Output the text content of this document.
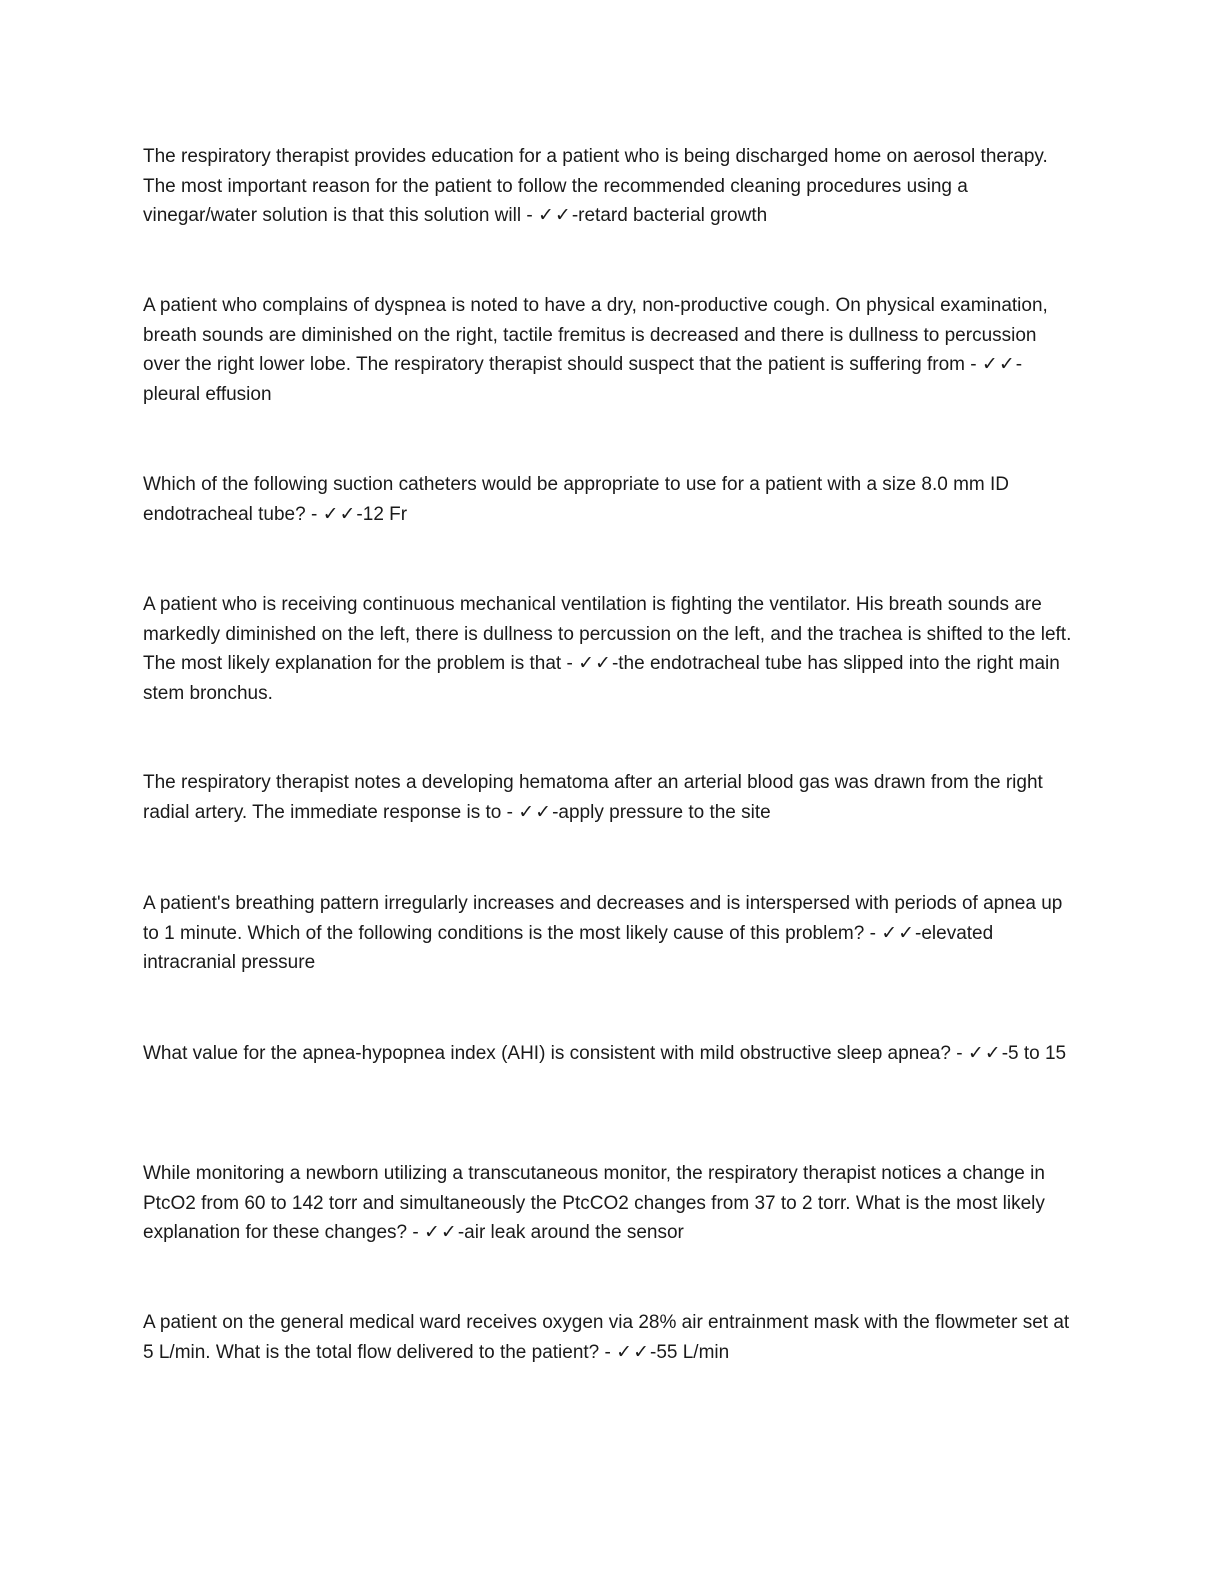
The respiratory therapist provides education for a patient who is being discharged home on aerosol therapy. The most important reason for the patient to follow the recommended cleaning procedures using a vinegar/water solution is that this solution will - ✓✓-retard bacterial growth

A patient who complains of dyspnea is noted to have a dry, non-productive cough. On physical examination, breath sounds are diminished on the right, tactile fremitus is decreased and there is dullness to percussion over the right lower lobe. The respiratory therapist should suspect that the patient is suffering from - ✓✓-pleural effusion

Which of the following suction catheters would be appropriate to use for a patient with a size 8.0 mm ID endotracheal tube? - ✓✓-12 Fr

A patient who is receiving continuous mechanical ventilation is fighting the ventilator. His breath sounds are markedly diminished on the left, there is dullness to percussion on the left, and the trachea is shifted to the left. The most likely explanation for the problem is that - ✓✓-the endotracheal tube has slipped into the right main stem bronchus.

The respiratory therapist notes a developing hematoma after an arterial blood gas was drawn from the right radial artery. The immediate response is to - ✓✓-apply pressure to the site

A patient's breathing pattern irregularly increases and decreases and is interspersed with periods of apnea up to 1 minute. Which of the following conditions is the most likely cause of this problem? - ✓✓-elevated intracranial pressure

What value for the apnea-hypopnea index (AHI) is consistent with mild obstructive sleep apnea? - ✓✓-5 to 15

While monitoring a newborn utilizing a transcutaneous monitor, the respiratory therapist notices a change in PtcO2 from 60 to 142 torr and simultaneously the PtcCO2 changes from 37 to 2 torr. What is the most likely explanation for these changes? - ✓✓-air leak around the sensor

A patient on the general medical ward receives oxygen via 28% air entrainment mask with the flowmeter set at 5 L/min. What is the total flow delivered to the patient? - ✓✓-55 L/min
